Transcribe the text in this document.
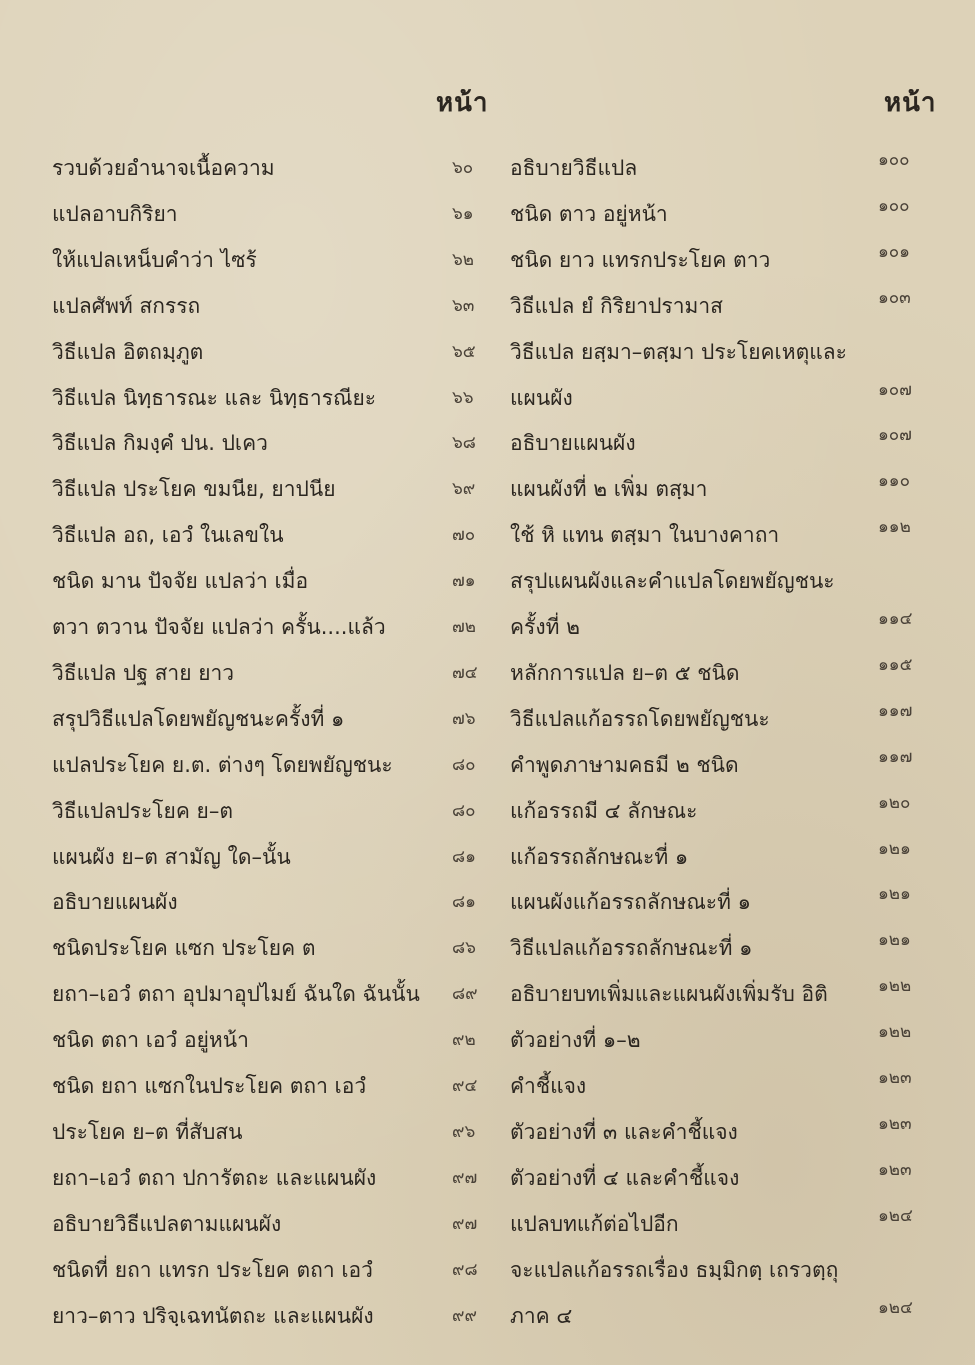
หน้า	หน้า
รวบด้วยอำนาจเนื้อความ	๖๐	อธิบายวิธีแปล	๑๐๐
แปลอาบกิริยา	๖๑	ชนิด ตาว อยู่หน้า	๑๐๐
ให้แปลเหน็บคำว่า ไซร้	๖๒	ชนิด ยาว แทรกประโยค ตาว	๑๐๑
แปลศัพท์ สกรรถ	๖๓	วิธีแปล ยํ กิริยาปรามาส	๑๐๓
วิธีแปล อิตถมฺภูต	๖๕	วิธีแปล ยสฺมา–ตสฺมา ประโยคเหตุและ
วิธีแปล นิทฺธารณะ และ นิทฺธารณียะ	๖๖	แผนผัง	๑๐๗
วิธีแปล กิมงฺคํ ปน. ปเคว	๖๘	อธิบายแผนผัง	๑๐๗
วิธีแปล ประโยค ขมนีย, ยาปนีย	๖๙	แผนผังที่ ๒ เพิ่ม ตสฺมา	๑๑๐
วิธีแปล อถ, เอวํ ในเลขใน	๗๐	ใช้ หิ แทน ตสฺมา ในบางคาถา	๑๑๒
ชนิด มาน ปัจจัย แปลว่า เมื่อ	๗๑	สรุปแผนผังและคำแปลโดยพยัญชนะ
ตวา ตวาน ปัจจัย แปลว่า ครั้น....แล้ว	๗๒	ครั้งที่ ๒	๑๑๔
วิธีแปล ปฐ สาย ยาว	๗๔	หลักการแปล ย–ต ๕ ชนิด	๑๑๕
สรุปวิธีแปลโดยพยัญชนะครั้งที่ ๑	๗๖	วิธีแปลแก้อรรถโดยพยัญชนะ	๑๑๗
แปลประโยค ย.ต. ต่างๆ โดยพยัญชนะ	๘๐	คำพูดภาษามคธมี ๒ ชนิด	๑๑๗
วิธีแปลประโยค ย–ต	๘๐	แก้อรรถมี ๔ ลักษณะ	๑๒๐
แผนผัง ย–ต สามัญ ใด–นั้น	๘๑	แก้อรรถลักษณะที่ ๑	๑๒๑
อธิบายแผนผัง	๘๑	แผนผังแก้อรรถลักษณะที่ ๑	๑๒๑
ชนิดประโยค แซก ประโยค ต	๘๖	วิธีแปลแก้อรรถลักษณะที่ ๑	๑๒๑
ยถา–เอวํ ตถา อุปมาอุปไมย์ ฉันใด ฉันนั้น	๘๙	อธิบายบทเพิ่มและแผนผังเพิ่มรับ อิติ	๑๒๒
ชนิด ตถา เอวํ อยู่หน้า	๙๒	ตัวอย่างที่ ๑–๒	๑๒๒
ชนิด ยถา แซกในประโยค ตถา เอวํ	๙๔	คำชี้แจง	๑๒๓
ประโยค ย–ต ที่สับสน	๙๖	ตัวอย่างที่ ๓ และคำชี้แจง	๑๒๓
ยถา–เอวํ ตถา ปการัตถะ และแผนผัง	๙๗	ตัวอย่างที่ ๔ และคำชี้แจง	๑๒๓
อธิบายวิธีแปลตามแผนผัง	๙๗	แปลบทแก้ต่อไปอีก	๑๒๔
ชนิดที่ ยถา แทรก ประโยค ตถา เอวํ	๙๘	จะแปลแก้อรรถเรื่อง ธมฺมิกตฺ เถรวตฺถุ
ยาว–ตาว ปริจฺเฉทนัตถะ และแผนผัง	๙๙	ภาค ๔	๑๒๔
